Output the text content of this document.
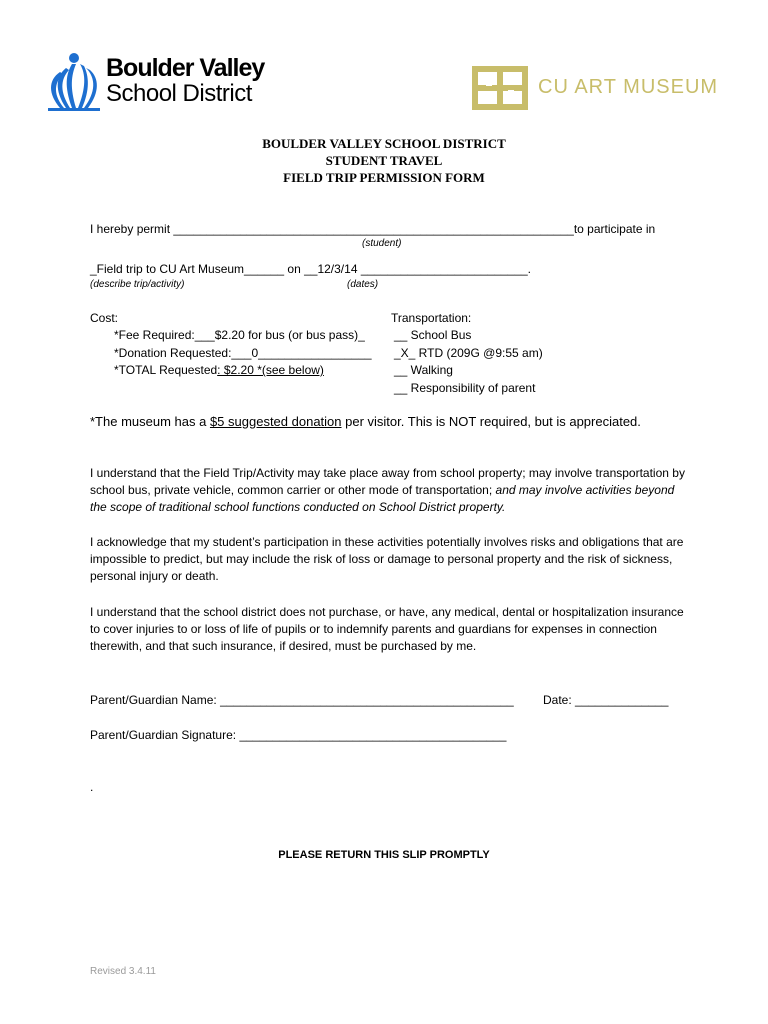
Boulder Valley
School District	CU ART MUSEUM
BOULDER VALLEY SCHOOL DISTRICT
STUDENT TRAVEL
FIELD TRIP PERMISSION FORM
I hereby permit ____________________________________________________________to participate in
(student)
_Field trip to CU Art Museum______ on __12/3/14 _________________________.
(describe trip/activity)	(dates)
Cost:
*Fee Required:___$2.20 for bus (or bus pass)_
*Donation Requested:___0_________________
*TOTAL Requested: $2.20 *(see below)
Transportation:
__ School Bus
_X_ RTD (209G @9:55 am)
__ Walking
__ Responsibility of parent
*The museum has a $5 suggested donation per visitor. This is NOT required, but is appreciated.
I understand that the Field Trip/Activity may take place away from school property; may involve transportation by school bus, private vehicle, common carrier or other mode of transportation; and may involve activities beyond the scope of traditional school functions conducted on School District property.
I acknowledge that my student’s participation in these activities potentially involves risks and obligations that are impossible to predict, but may include the risk of loss or damage to personal property and the risk of sickness, personal injury or death.
I understand that the school district does not purchase, or have, any medical, dental or hospitalization insurance to cover injuries to or loss of life of pupils or to indemnify parents and guardians for expenses in connection therewith, and that such insurance, if desired, must be purchased by me.
Parent/Guardian Name: ____________________________________________ Date: ______________
Parent/Guardian Signature: ________________________________________
.
PLEASE RETURN THIS SLIP PROMPTLY
Revised 3.4.11
